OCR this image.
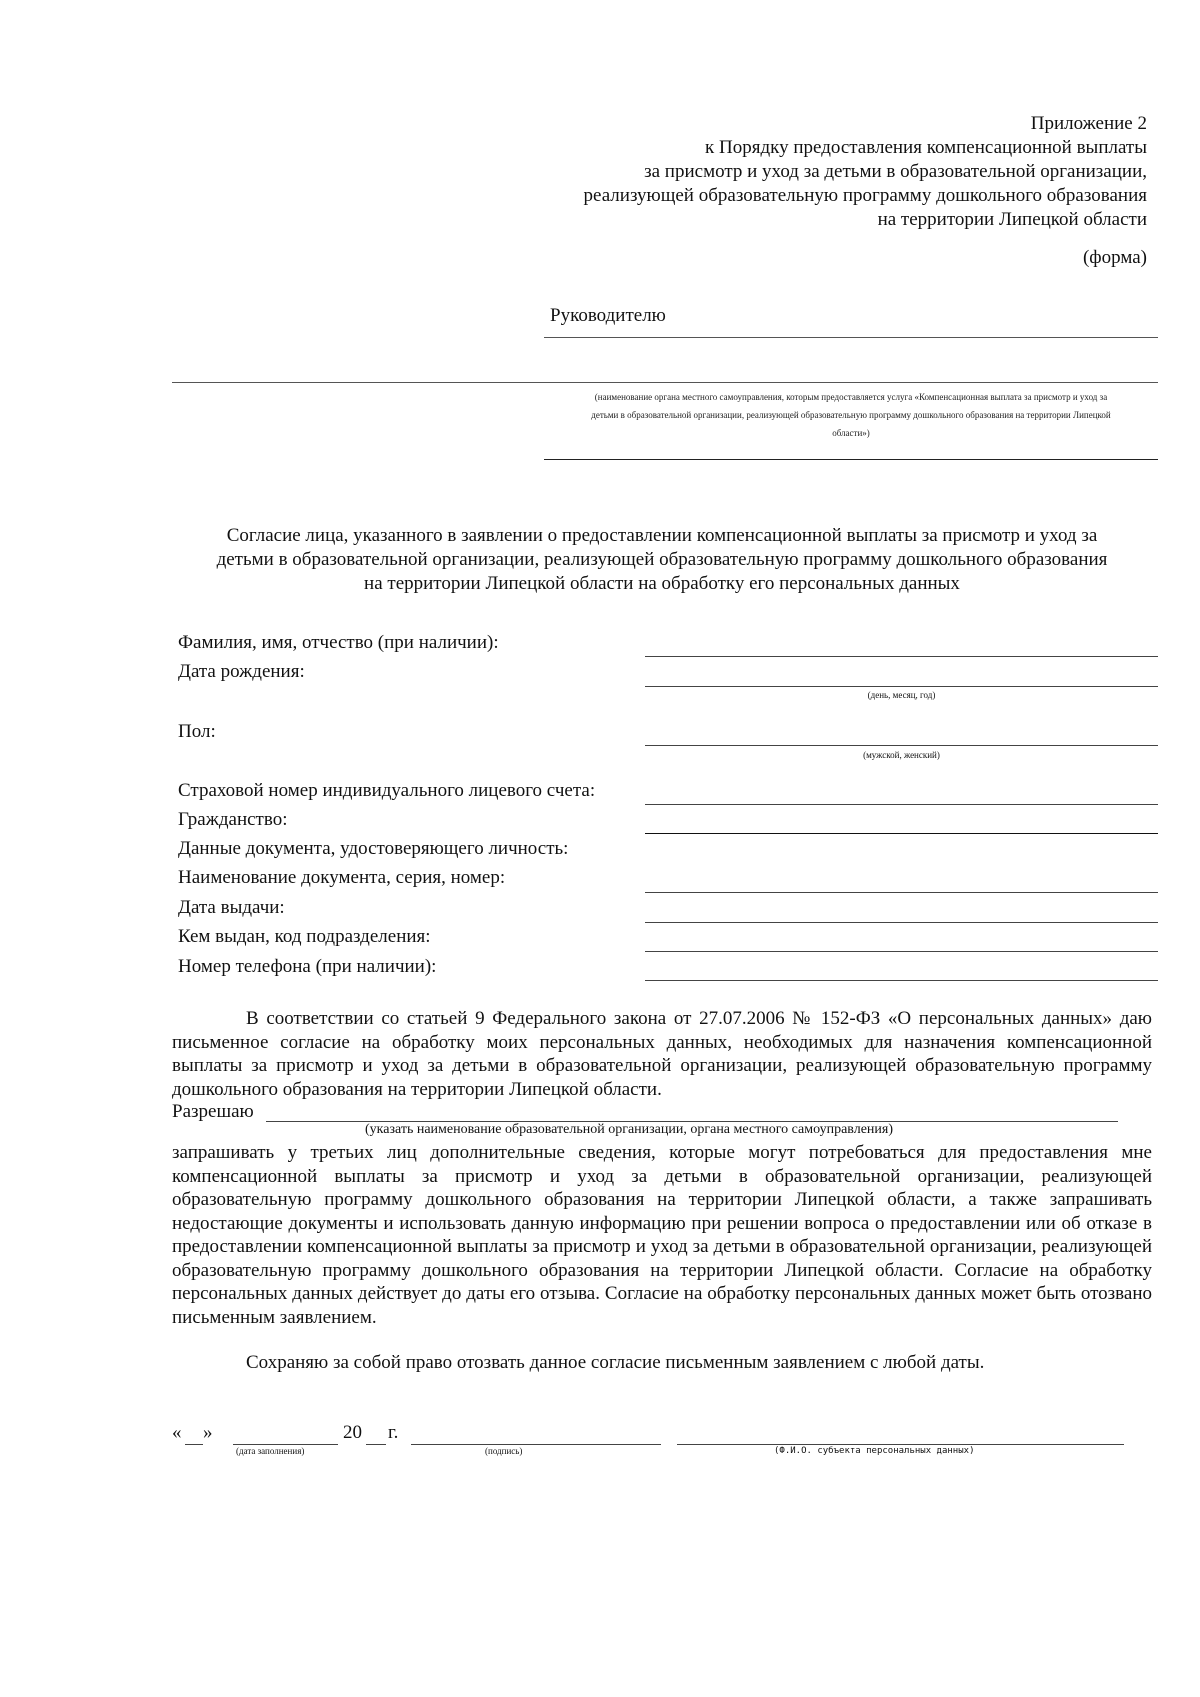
Приложение 2
к Порядку предоставления компенсационной выплаты
за присмотр и уход за детьми в образовательной организации,
реализующей образовательную программу дошкольного образования
на территории Липецкой области
(форма)
Руководителю
(наименование органа местного самоуправления, которым предоставляется услуга «Компенсационная выплата за присмотр и уход за
детьми в образовательной организации, реализующей образовательную программу дошкольного образования на территории Липецкой
области»)
Согласие лица, указанного в заявлении о предоставлении компенсационной выплаты за присмотр и уход за
детьми в образовательной организации, реализующей образовательную программу дошкольного образования
на территории Липецкой области на обработку его персональных данных
Фамилия, имя, отчество (при наличии):
Дата рождения:
(день, месяц, год)
Пол:
(мужской, женский)
Страховой номер индивидуального лицевого счета:
Гражданство:
Данные документа, удостоверяющего личность:
Наименование документа, серия, номер:
Дата выдачи:
Кем выдан, код подразделения:
Номер телефона (при наличии):
В соответствии со статьей 9 Федерального закона от 27.07.2006 № 152-ФЗ «О персональных данных» даю письменное согласие на обработку моих персональных данных, необходимых для назначения компенсационной выплаты за присмотр и уход за детьми в образовательной организации, реализующей образовательную программу дошкольного образования на территории Липецкой области.
Разрешаю
(указать наименование образовательной организации, органа местного самоуправления)
запрашивать у третьих лиц дополнительные сведения, которые могут потребоваться для предоставления мне компенсационной выплаты за присмотр и уход за детьми в образовательной организации, реализующей образовательную программу дошкольного образования на территории Липецкой области, а также запрашивать недостающие документы и использовать данную информацию при решении вопроса о предоставлении или об отказе в предоставлении компенсационной выплаты за присмотр и уход за детьми в образовательной организации, реализующей образовательную программу дошкольного образования на территории Липецкой области. Согласие на обработку персональных данных действует до даты его отзыва. Согласие на обработку персональных данных может быть отозвано письменным заявлением.
Сохраняю за собой право отозвать данное согласие письменным заявлением с любой даты.
« »	20 г.
(дата заполнения)	(подпись)	(Ф.И.О. субъекта персональных данных)
